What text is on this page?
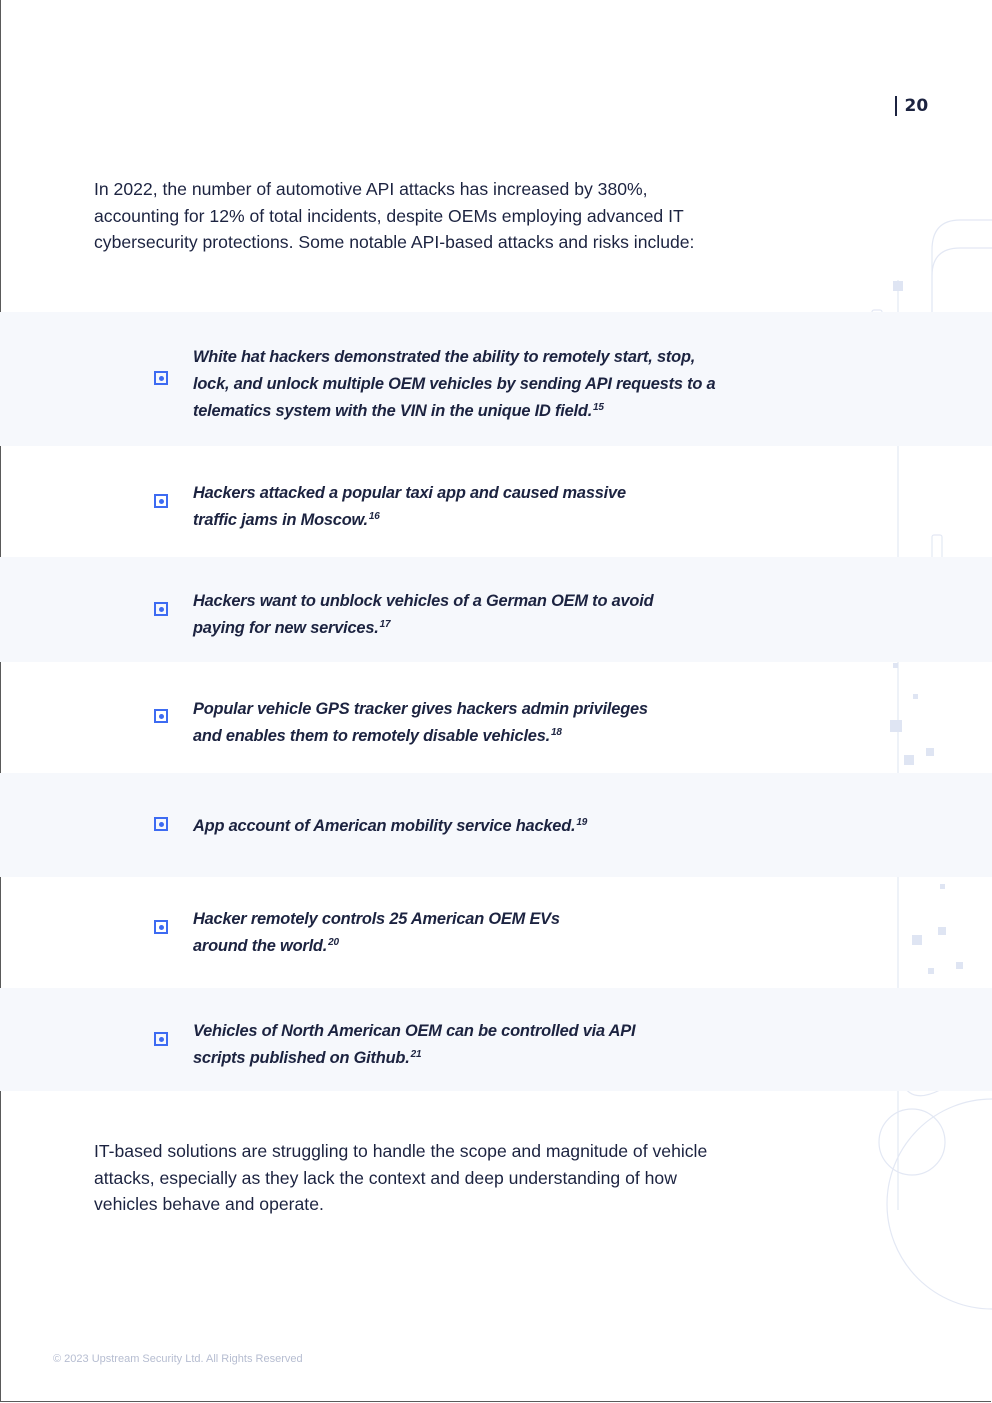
20

In 2022, the number of automotive API attacks has increased by 380%, accounting for 12% of total incidents, despite OEMs employing advanced IT cybersecurity protections. Some notable API-based attacks and risks include:

White hat hackers demonstrated the ability to remotely start, stop, lock, and unlock multiple OEM vehicles by sending API requests to a telematics system with the VIN in the unique ID field.$^{15}$
Hackers attacked a popular taxi app and caused massive traffic jams in Moscow.$^{16}$
Hackers want to unblock vehicles of a German OEM to avoid paying for new services.$^{17}$
Popular vehicle GPS tracker gives hackers admin privileges and enables them to remotely disable vehicles.$^{18}$
App account of American mobility service hacked.$^{19}$
Hacker remotely controls 25 American OEM EVs around the world.$^{20}$
Vehicles of North American OEM can be controlled via API scripts published on Github.$^{21}$

IT-based solutions are struggling to handle the scope and magnitude of vehicle attacks, especially as they lack the context and deep understanding of how vehicles behave and operate.

© 2023 Upstream Security Ltd. All Rights Reserved
